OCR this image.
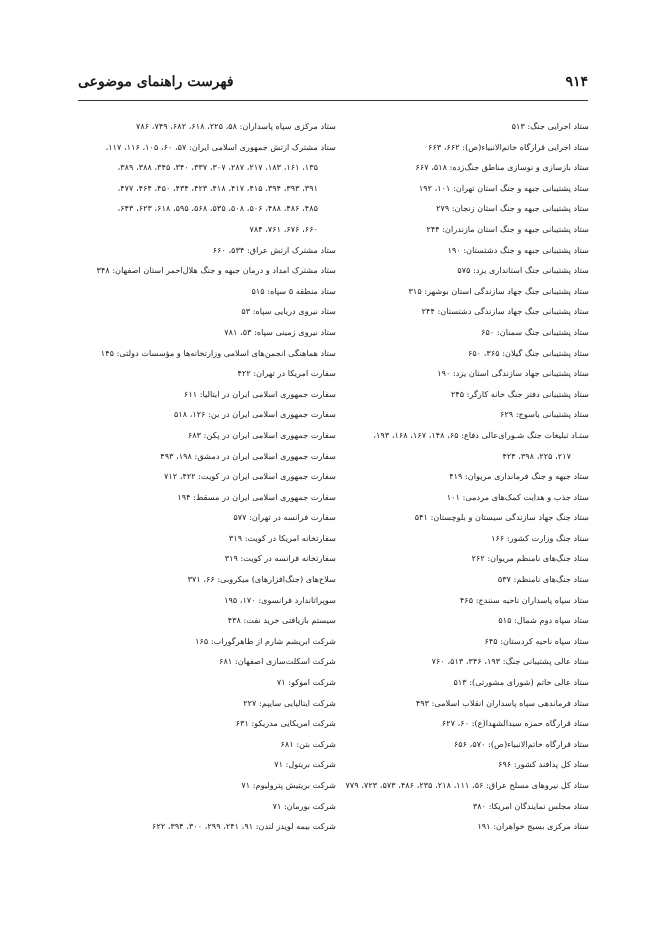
۹۱۴
فهرست راهنمای موضوعی
ستاد اجرایی جنگ: ۵۱۳
ستاد اجرایی قرارگاه خاتم‌الانبیاء(ص): ۶۶۲، ۶۶۳
ستاد بازسازی و نوسازی مناطق جنگ‌زده: ۵۱۸، ۶۶۷
ستاد پشتیبانی جبهه و جنگ استان تهران: ۱۰۱، ۱۹۲
ستاد پشتیبانی جبهه و جنگ استان زنجان: ۲۷۹
ستاد پشتیبانی جبهه و جنگ استان مازندران: ۲۴۴
ستاد پشتیبانی جبهه و جنگ دشتستان: ۱۹۰
ستاد پشتیبانی جنگ استانداری یزد: ۵۷۵
ستاد پشتیبانی جنگ جهاد سازندگی استان بوشهر: ۳۱۵
ستاد پشتیبانی جنگ جهاد سازندگی دشتستان: ۲۴۴
ستاد پشتیبانی جنگ سمنان: ۶۵۰
ستاد پشتیبانی جنگ گیلان: ۳۶۵، ۶۵۰
ستاد پشتیبانی جهاد سازندگی استان یزد: ۱۹۰
ستاد پشتیبانی دفتر جنگ خانه کارگر: ۲۴۵
ستاد پشتیبانی یاسوج: ۶۲۹
ستـاد تبلیغات جنگ شـورای‌عالی دفاع: ۶۵، ۱۴۸، ۱۶۷، ۱۶۸، ۱۹۳،
۲۱۷، ۲۲۵، ۳۹۸، ۴۲۴
ستاد جبهه و جنگ فرمانداری مریوان: ۴۱۹
ستاد جذب و هدایت کمک‌های مردمی: ۱۰۱
ستاد جنگ جهاد سازندگی سیستان و بلوچستان: ۵۴۱
ستاد جنگ وزارت کشور: ۱۶۶
ستاد جنگ‌های نامنظم مریوان: ۲۶۲
ستاد جنگ‌های نامنظم: ۵۳۷
ستاد سپاه پاسداران ناحیه سنندج: ۴۶۵
ستاد سپاه دوم شمال: ۵۱۵
ستاد سپاه ناحیه کردستان: ۶۴۵
ستاد عالی پشتیبانی جنگ: ۱۹۳، ۳۴۶، ۵۱۳، ۷۶۰
ستاد عالی خاتم (شورای مشورتی): ۵۱۳
ستاد فرماندهی سپاه پاسداران انقلاب اسلامی: ۴۹۳
ستاد قرارگاه حمزه سیدالشهدا(ع): ۶۰، ۶۲۷
ستاد قرارگاه خاتم‌الانبیاء(ص): ۵۷۰، ۶۵۶
ستاد کل پدافند کشور: ۶۹۶
ستاد کل نیروهای مسلح عراق: ۵۶، ۱۱۱، ۲۱۸، ۲۳۵، ۴۸۶، ۵۷۳، ۷۲۳، ۷۷۹
ستاد مجلس نمایندگان امریکا: ۳۸۰
ستاد مرکزی بسیج خواهران: ۱۹۱
ستاد مرکزی سپاه پاسداران: ۵۸، ۲۲۵، ۶۱۸، ۶۸۲، ۷۴۹، ۷۸۶
ستاد مشترک ارتش جمهوری اسلامی ایران: ۵۷، ۶۰، ۱۰۵، ۱۱۶، ۱۱۷،
۱۳۵، ۱۶۱، ۱۸۳، ۲۱۷، ۲۸۷، ۳۰۷، ۳۳۷، ۳۴۰، ۳۴۵، ۳۸۸، ۳۸۹،
۳۹۱، ۳۹۳، ۳۹۴، ۴۱۵، ۴۱۷، ۴۱۸، ۴۲۳، ۴۳۴، ۴۵۰، ۴۶۴، ۴۷۷،
۴۸۵، ۴۸۶، ۴۸۸، ۵۰۶، ۵۰۸، ۵۳۵، ۵۶۸، ۵۹۵، ۶۱۸، ۶۲۳، ۶۴۳،
۶۶۰، ۶۷۶، ۷۶۱، ۷۸۴
ستاد مشترک ارتش عراق: ۵۳۴، ۶۶۰
ستاد مشترک امداد و درمان جبهه و جنگ هلال‌احمر استان اصفهان: ۳۴۸
ستاد منطقه ۵ سپاه: ۵۱۵
ستاد نیروی دریایی سپاه: ۵۳
ستاد نیروی زمینی سپاه: ۵۳، ۷۸۱
ستاد هماهنگی انجمن‌های اسلامی وزارتخانه‌ها و مؤسسات دولتی: ۱۴۵
سفارت امریکا در تهران: ۴۲۲
سفارت جمهوری اسلامی ایران در ایتالیا: ۶۱۱
سفارت جمهوری اسلامی ایران در بن: ۱۲۶، ۵۱۸
سفارت جمهوری اسلامی ایران در پکن: ۶۸۳
سفارت جمهوری اسلامی ایران در دمشق: ۱۹۸، ۴۹۳
سفارت جمهوری اسلامی ایران در کویت: ۴۲۲، ۷۱۲
سفارت جمهوری اسلامی ایران در مسقط: ۱۹۴
سفارت فرانسه در تهران: ۵۷۷
سفارتخانه امریکا در کویت: ۳۱۹
سفارتخانه فرانسه در کویت: ۳۱۹
سلاح‌های (جنگ‌افزارهای) میکروبی: ۶۶، ۳۷۱
سوپراتاندارد فرانسوی: ۱۷۰، ۱۹۵
سیستم بازیافتی خرید نفت: ۴۳۸
شرکت ابریشم شارم از طاهرگوراب: ۱۶۵
شرکت اسکلت‌سازی اصفهان: ۶۸۱
شرکت اموکو: ۷۱
شرکت ایتالیایی سایپم: ۲۲۷
شرکت امریکایی مدریکو: ۶۳۱
شرکت بتن: ۶۸۱
شرکت بریتول: ۷۱
شرکت بریتیش پترولیوم: ۷۱
شرکت بورمان: ۷۱
شرکت بیمه لویدز لندن: ۹۱، ۲۴۱، ۲۹۹، ۳۰۰، ۳۹۴، ۶۲۲
